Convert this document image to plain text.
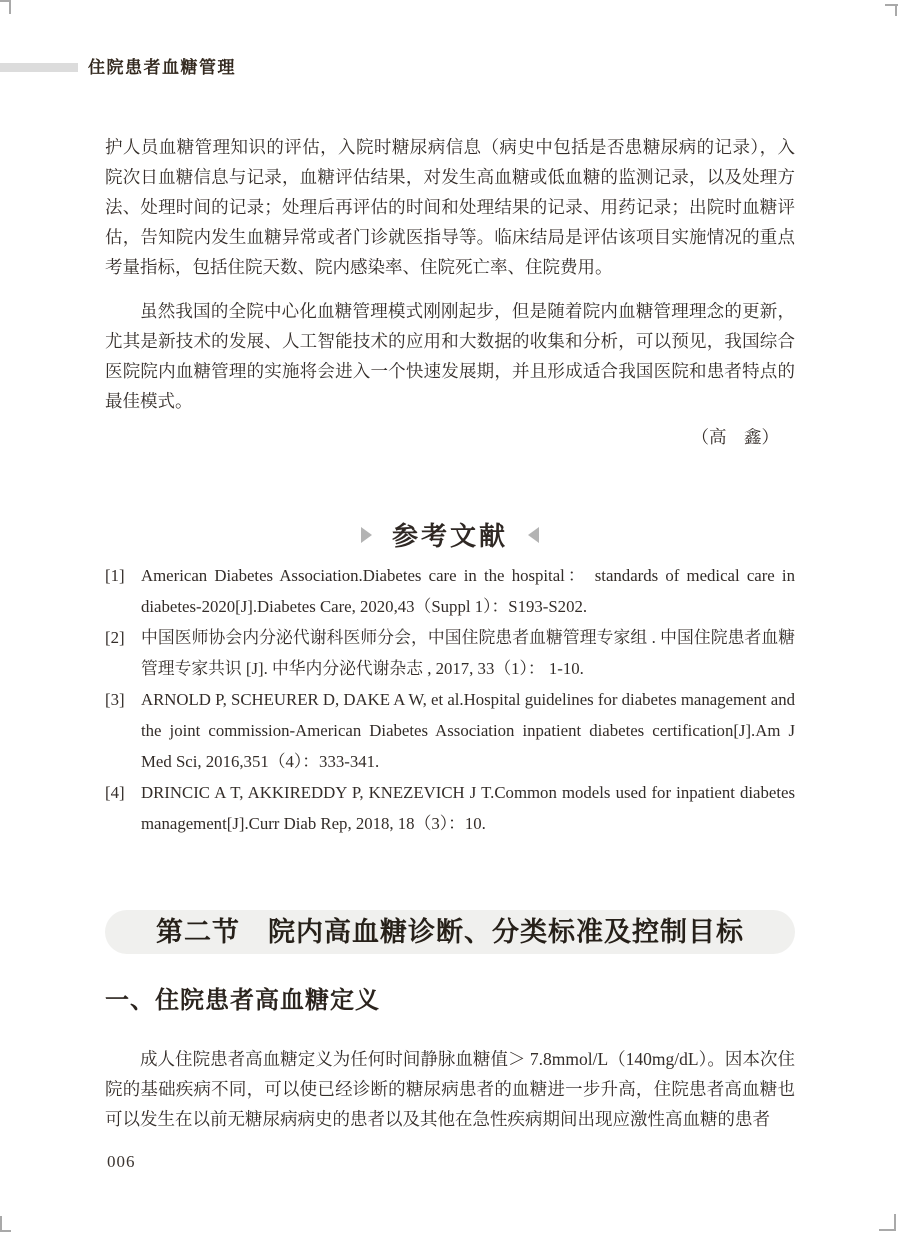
住院患者血糖管理

护人员血糖管理知识的评估，入院时糖尿病信息（病史中包括是否患糖尿病的记录），入院次日血糖信息与记录，血糖评估结果，对发生高血糖或低血糖的监测记录，以及处理方法、处理时间的记录；处理后再评估的时间和处理结果的记录、用药记录；出院时血糖评估，告知院内发生血糖异常或者门诊就医指导等。临床结局是评估该项目实施情况的重点考量指标，包括住院天数、院内感染率、住院死亡率、住院费用。

虽然我国的全院中心化血糖管理模式刚刚起步，但是随着院内血糖管理理念的更新，尤其是新技术的发展、人工智能技术的应用和大数据的收集和分析，可以预见，我国综合医院院内血糖管理的实施将会进入一个快速发展期，并且形成适合我国医院和患者特点的最佳模式。

（高　鑫）
参考文献
[1] American Diabetes Association.Diabetes care in the hospital： standards of medical care in diabetes-2020[J].Diabetes Care, 2020,43（Suppl 1）：S193-S202.
[2] 中国医师协会内分泌代谢科医师分会，中国住院患者血糖管理专家组 . 中国住院患者血糖管理专家共识 [J]. 中华内分泌代谢杂志 , 2017, 33（1）： 1-10.
[3] ARNOLD P, SCHEURER D, DAKE A W, et al.Hospital guidelines for diabetes management and the joint commission-American Diabetes Association inpatient diabetes certification[J].Am J Med Sci, 2016,351（4）：333-341.
[4] DRINCIC A T, AKKIREDDY P, KNEZEVICH J T.Common models used for inpatient diabetes management[J].Curr Diab Rep, 2018, 18（3）：10.
第二节　院内高血糖诊断、分类标准及控制目标
一、住院患者高血糖定义

成人住院患者高血糖定义为任何时间静脉血糖值＞ 7.8mmol/L（140mg/dL）。因本次住院的基础疾病不同，可以使已经诊断的糖尿病患者的血糖进一步升高，住院患者高血糖也可以发生在以前无糖尿病病史的患者以及其他在急性疾病期间出现应激性高血糖的患者

006
